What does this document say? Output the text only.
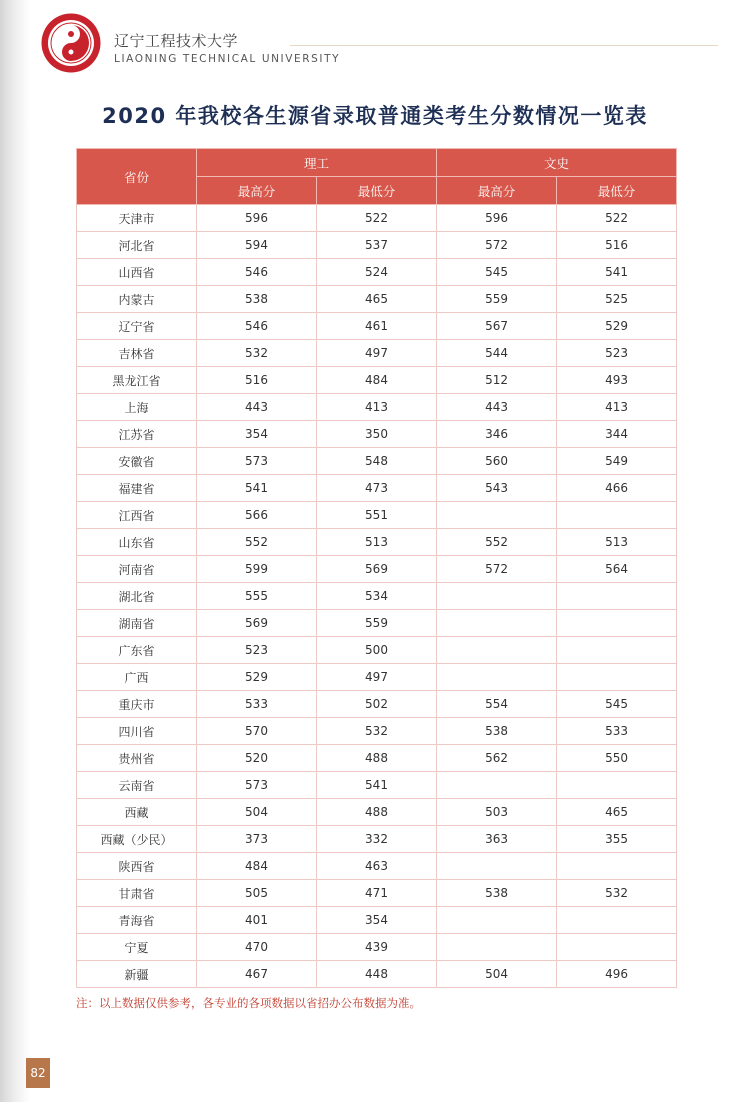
辽宁工程技术大学
LIAONING TECHNICAL UNIVERSITY
2020 年我校各生源省录取普通类考生分数情况一览表
省份	理工		文史	
	最高分	最低分	最高分	最低分
天津市	596	522	596	522
河北省	594	537	572	516
山西省	546	524	545	541
内蒙古	538	465	559	525
辽宁省	546	461	567	529
吉林省	532	497	544	523
黑龙江省	516	484	512	493
上海	443	413	443	413
江苏省	354	350	346	344
安徽省	573	548	560	549
福建省	541	473	543	466
江西省	566	551		
山东省	552	513	552	513
河南省	599	569	572	564
湖北省	555	534		
湖南省	569	559		
广东省	523	500		
广西	529	497		
重庆市	533	502	554	545
四川省	570	532	538	533
贵州省	520	488	562	550
云南省	573	541		
西藏	504	488	503	465
西藏（少民）	373	332	363	355
陕西省	484	463		
甘肃省	505	471	538	532
青海省	401	354		
宁夏	470	439		
新疆	467	448	504	496
注：以上数据仅供参考，各专业的各项数据以省招办公布数据为准。
82
